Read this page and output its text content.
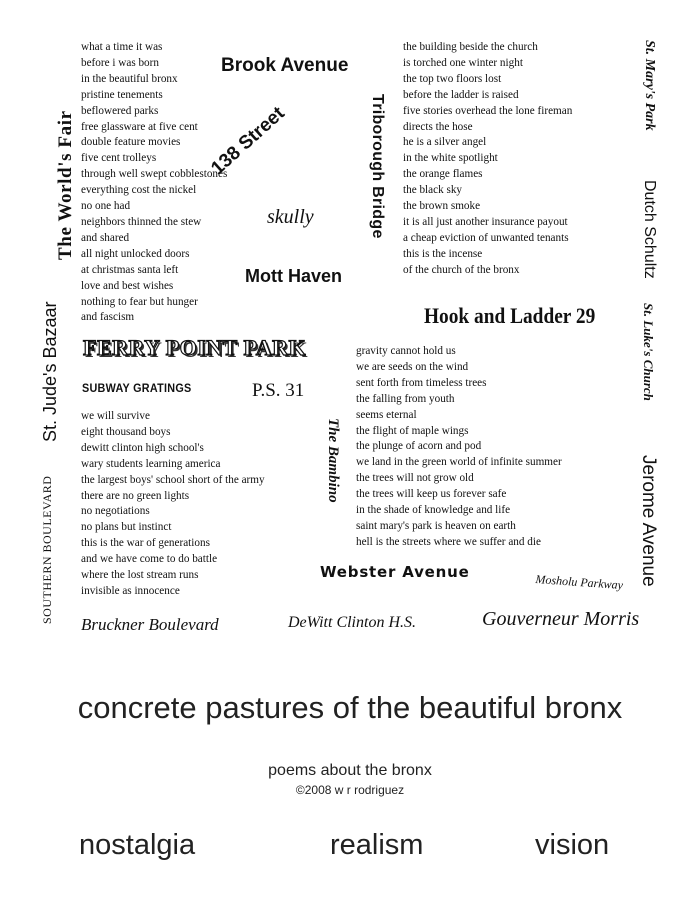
what a time it was
before i was born
in the beautiful bronx
pristine tenements
beflowered parks
free glassware at five cent
double feature movies
five cent trolleys
through well swept cobblestones
everything cost the nickel
no one had
neighbors thinned the stew
and shared
all night unlocked doors
at christmas santa left
love and best wishes
nothing to fear but hunger
and fascism
the building beside the church
is torched one winter night
the top two floors lost
before the ladder is raised
five stories overhead the lone fireman
directs the hose
he is a silver angel
in the white spotlight
the orange flames
the black sky
the brown smoke
it is all just another insurance payout
a cheap eviction of unwanted tenants
this is the incense
of the church of the bronx
we will survive
eight thousand boys
dewitt clinton high school's
wary students learning america
the largest boys' school short of the army
there are no green lights
no negotiations
no plans but instinct
this is the war of generations
and we have come to do battle
where the lost stream runs
invisible as innocence
gravity cannot hold us
we are seeds on the wind
sent forth from timeless trees
the falling from youth
seems eternal
the flight of maple wings
the plunge of acorn and pod
we land in the green world of infinite summer
the trees will not grow old
the trees will keep us forever safe
in the shade of knowledge and life
saint mary's park is heaven on earth
hell is the streets where we suffer and die
Brook Avenue
138 Street
skully	Triborough Bridge
Mott Haven
Hook and Ladder 29
FERRY POINT PARK
SUBWAY GRATINGS	P.S. 31
The Bambino
Webster Avenue	Mosholu Parkway
Bruckner Boulevard	DeWitt Clinton H.S.	Gouverneur Morris
The World's Fair
St. Jude's Bazaar
SOUTHERN BOULEVARD
St. Mary's Park
Dutch Schultz
St. Luke's Church
Jerome Avenue
concrete pastures of the beautiful bronx
poems about the bronx
©2008 w r rodriguez
nostalgia	realism	vision
